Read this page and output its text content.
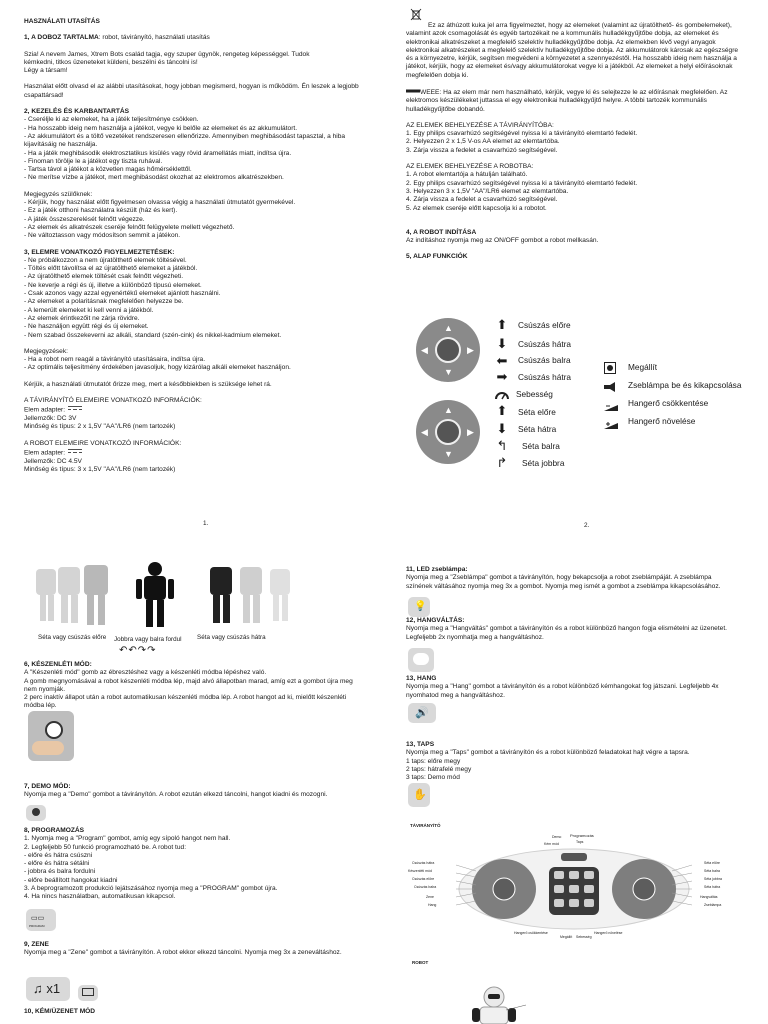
HASZNÁLATI UTASÍTÁS
1, A DOBOZ TARTALMA: robot, távirányító, használati utasítás
Szia! A nevem James, Xtrem Bots család tagja, egy szuper ügynök, rengeteg képességgel. Tudok
kémkedni, titkos üzeneteket küldeni, beszélni és táncolni is!
Légy a társam!
Használat előtt olvasd el az alábbi utasításokat, hogy jobban megismerd, hogyan is működöm. Én leszek a legjobb
csapattársad!
2, KEZELÉS ÉS KARBANTARTÁS
- Cseréljle ki az elemeket, ha a játék teljesítménye csökken.
- Ha hosszabb ideig nem használja a játékot, vegye ki belőle az elemeket és az akkumulátort.
- Az akkumulátort és a töltő vezetéket rendszeresen ellenőrizze. Amennyiben meghibásodást tapasztal, a hiba
kijavításáig ne használja.
- Ha a játék meghibásodik elektrosztatikus kisülés vagy rövid áramellátás miatt, indítsa újra.
- Finoman törölje le a játékot egy tiszta ruhával.
- Tartsa távol a játékot a közvetlen magas hőmérséklettől.
- Ne merítse vízbe a játékot, mert meghibásodást okozhat az elektromos alkatrészekben.
Megjegyzés szülőknek:
- Kérjük, hogy használat előtt figyelmesen olvassa végig a használati útmutatót gyermekével.
- Ez a játék otthoni használatra készült (ház és kert).
- A játék összeszerelését felnőtt végezze.
- Az elemek és alkatrészek cseréje felnőtt felügyelete mellett végezhető.
- Ne változtasson vagy módosítson semmit a játékon.
3, ELEMRE VONATKOZÓ FIGYELMEZTETÉSEK:
- Ne próbálkozzon a nem újratölthető elemek töltésével.
- Töltés előtt távolítsa el az újratölthető elemeket a játékból.
- Az újratölthető elemek töltését csak felnőtt végezheti.
- Ne keverje a régi és új, illetve a különböző típusú elemeket.
- Csak azonos vagy azzal egyenértékű elemeket ajánlott használni.
- Az elemeket a polaritásnak megfelelően helyezze be.
- A lemerült elemeket ki kell venni a játékból.
- Az elemek érintkezőit ne zárja rövidre.
- Ne használjon együtt régi és új elemeket.
- Nem szabad összekeverni az alkáli, standard (szén-cink) és nikkel-kadmium elemeket.
Megjegyzések:
- Ha a robot nem reagál a távirányító utasításaira, indítsa újra.
- Az optimális teljesítmény érdekében javasoljuk, hogy kizárólag alkáli elemeket használjon.
Kérjük, a használati útmutatót őrizze meg, mert a későbbiekben is szüksége lehet rá.
A TÁVIRÁNYÍTÓ ELEMEIRE VONATKOZÓ INFORMÁCIÓK:
Elem adapter:
Jellemzők: DC 3V
Minőség és típus: 2 x 1,5V "AA"/LR6 (nem tartozék)
A ROBOT ELEMEIRE VONATKOZÓ INFORMÁCIÓK:
Elem adapter:
Jellemzők: DC 4.5V
Minőség és típus: 3 x 1,5V "AA"/LR6 (nem tartozék)
1.
Ez az áthúzott kuka jel arra figyelmeztet, hogy az elemeket (valamint az újratölthető- és gombelemeket),
valamint azok csomagolását és egyéb tartozékait ne a kommunális hulladékgyűjtőbe dobja, az elemeket és
elektronikai alkatrészeket a megfelelő szelektív hulladékgyűjtőbe dobja. Az elemekben lévő vegyi anyagok
elektronikai alkatrészeket a megfelelő szelektív hulladékgyűjtőbe dobja. Az akkumulátorok károsak az egészségre
és a környezetre, kérjük, segítsen megvédeni a környezetet a szennyezéstől. Ha hosszabb ideig nem használja a
játékot, kérjük, hogy az elemeket és/vagy akkumulátorokat vegye ki a játékból. Az elemeket a helyi előírásoknak
megfelelően dobja ki.
WEEE: Ha az elem már nem használható, kérjük, vegye ki és selejtezze le az előírásnak megfelelően. Az
elektromos készülékeket juttassa el egy elektronikai hulladékgyűjtő helyre. A többi tartozék kommunális
hulladékgyűjtőbe dobandó.
AZ ELEMEK BEHELYEZÉSE A TÁVIRÁNYÍTÓBA:
1. Egy philips csavarhúzó segítségével nyissa ki a távirányító elemtartó fedelét.
2. Helyezzen 2 x 1,5 V-os AA elemet az elemtartóba.
3. Zárja vissza a fedelet a csavarhúzó segítségével.
AZ ELEMEK BEHELYEZÉSE A ROBOTBA:
1. A robot elemtartója a hátulján található.
2. Egy philips csavarhúzó segítségével nyissa ki a távirányító elemtartó fedelét.
3. Helyezzen 3 x 1,5V "AA"/LR6 elemet az elemtartóba.
4. Zárja vissza a fedelet a csavarhúzó segítségével.
5. Az elemek cseréje előtt kapcsolja ki a robotot.
4, A ROBOT INDÍTÁSA
Az indításhoz nyomja meg az ON/OFF gombot a robot mellkasán.
5, ALAP FUNKCIÓK
▲
▼
◀	▶
▲
▼
◀	▶
⬆	Csúszás előre
⬇	Csúszás hátra
⬅	Csúszás balra
➡	Csúszás hátra
Sebesség
⬆	Séta előre
⬇	Séta hátra
↰	Séta balra
↱	Séta jobbra
Megállít
Zseblámpa be és kikapcsolása
Hangerő csökkentése
Hangerő növelése
2.
Séta vagy csúszás előre Jobbra vagy balra fordul Séta vagy csúszás hátra
↶↶↷↷
6, KÉSZENLÉTI MÓD:
A "Készenléti mód" gomb az ébresztéshez vagy a készenléti módba lépéshez való.
A gomb megnyomásával a robot készenléti módba lép, majd alvó állapotban marad, amíg ezt a gombot újra meg
nem nyomják.
2 perc inaktív állapot után a robot automatikusan készenléti módba lép. A robot hangot ad ki, mielőtt készenléti
módba lép.
7, DEMO MÓD:
Nyomja meg a "Demo" gombot a távirányítón. A robot ezután elkezd táncolni, hangot kiadni és mozogni.
8, PROGRAMOZÁS
1. Nyomja meg a "Program" gombot, amíg egy sípoló hangot nem hall.
2. Legfeljebb 50 funkció programozható be. A robot tud:
- előre és hátra csúszni
- előre és hátra sétálni
- jobbra és balra fordulni
- előre beállított hangokat kiadni
3. A beprogramozott produkció lejátszásához nyomja meg a "PROGRAM" gombot újra.
4. Ha nincs használatban, automatikusan kikapcsol.
▭▭
PROGRAM
9, ZENE
Nyomja meg a "Zene" gombot a távirányítón. A robot ekkor elkezd táncolni. Nyomja meg 3x a zeneváltáshoz.
♫ x1
10, KÉM/ÜZENET MÓD
11, LED zseblámpa:
Nyomja meg a "Zseblámpa" gombot a távirányítón, hogy bekapcsolja a robot zseblámpáját. A zseblámpa
színének váltásához nyomja meg 3x a gombot. Nyomja meg ismét a gombot a zseblámpa kikapcsolásához.
💡
12, HANGVÁLTÁS:
Nyomja meg a "Hangváltás" gombot a távirányítón és a robot különböző hangon fogja elismételni az üzenetet.
Legfeljebb 2x nyomhatja meg a hangváltáshoz.
13, HANG
Nyomja meg a "Hang" gombot a távirányítón és a robot különböző kémhangokat fog játszani. Legfeljebb 4x
nyomhatod meg a hangváltáshoz.
🔊
13, TAPS
Nyomja meg a "Taps" gombot a távirányítón és a robot különböző feladatokat hajt végre a tapsra.
1 taps: előre megy
2 taps: hátrafelé megy
3 taps: Demo mód
✋
TÁVIRÁNYÍTÓ
Demo Programozás
Taps
Kém mód
Csúszás hátra	Séta előre
Készenléti mód
Csúszás előre
Csúszás balra
Séta balra
Séta jobbra
Séta hátra
Zene	Hangváltás
Hang	Zseblámpa
Hangerő csökkentése	Hangerő növelése
Megállít Sebesség
ROBOT
